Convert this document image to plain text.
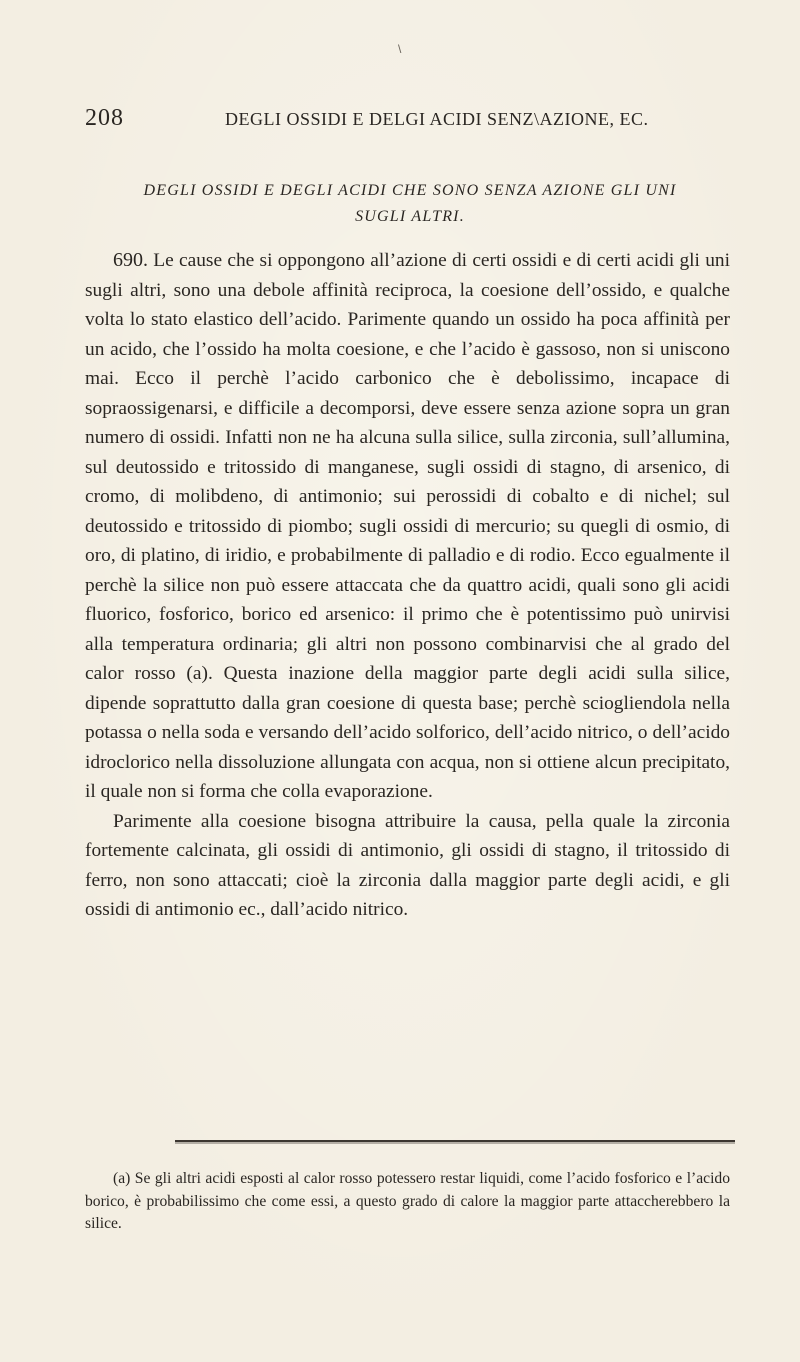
\
208	DEGLI OSSIDI E DELGI ACIDI SENZ\AZIONE, EC.
DEGLI OSSIDI E DEGLI ACIDI CHE SONO SENZA AZIONE GLI UNI
SUGLI ALTRI.

690. Le cause che si oppongono all’azione di certi ossidi e di certi acidi gli uni sugli altri, sono una debole affinità reciproca, la coesione dell’ossido, e qualche volta lo stato elastico dell’acido. Parimente quando un ossido ha poca affinità per un acido, che l’ossido ha molta coesione, e che l’acido è gassoso, non si uniscono mai. Ecco il perchè l’acido carbonico che è debolissimo, incapace di sopraossigenarsi, e difficile a decomporsi, deve essere senza azione sopra un gran numero di ossidi. Infatti non ne ha alcuna sulla silice, sulla zirconia, sull’allumina, sul deutossido e tritossido di manganese, sugli ossidi di stagno, di arsenico, di cromo, di molibdeno, di antimonio; sui perossidi di cobalto e di nichel; sul deutossido e tritossido di piombo; sugli ossidi di mercurio; su quegli di osmio, di oro, di platino, di iridio, e probabilmente di palladio e di rodio. Ecco egualmente il perchè la silice non può essere attaccata che da quattro acidi, quali sono gli acidi fluorico, fosforico, borico ed arsenico: il primo che è potentissimo può unirvisi alla temperatura ordinaria; gli altri non possono combinarvisi che al grado del calor rosso (a). Questa inazione della maggior parte degli acidi sulla silice, dipende soprattutto dalla gran coesione di questa base; perchè sciogliendola nella potassa o nella soda e versando dell’acido solforico, dell’acido nitrico, o dell’acido idroclorico nella dissoluzione allungata con acqua, non si ottiene alcun precipitato, il quale non si forma che colla evaporazione.

Parimente alla coesione bisogna attribuire la causa, pella quale la zirconia fortemente calcinata, gli ossidi di antimonio, gli ossidi di stagno, il tritossido di ferro, non sono attaccati; cioè la zirconia dalla maggior parte degli acidi, e gli ossidi di antimonio ec., dall’acido nitrico.

(a) Se gli altri acidi esposti al calor rosso potessero restar liquidi, come l’acido fosforico e l’acido borico, è probabilissimo che come essi, a questo grado di calore la maggior parte attaccherebbero la silice.
